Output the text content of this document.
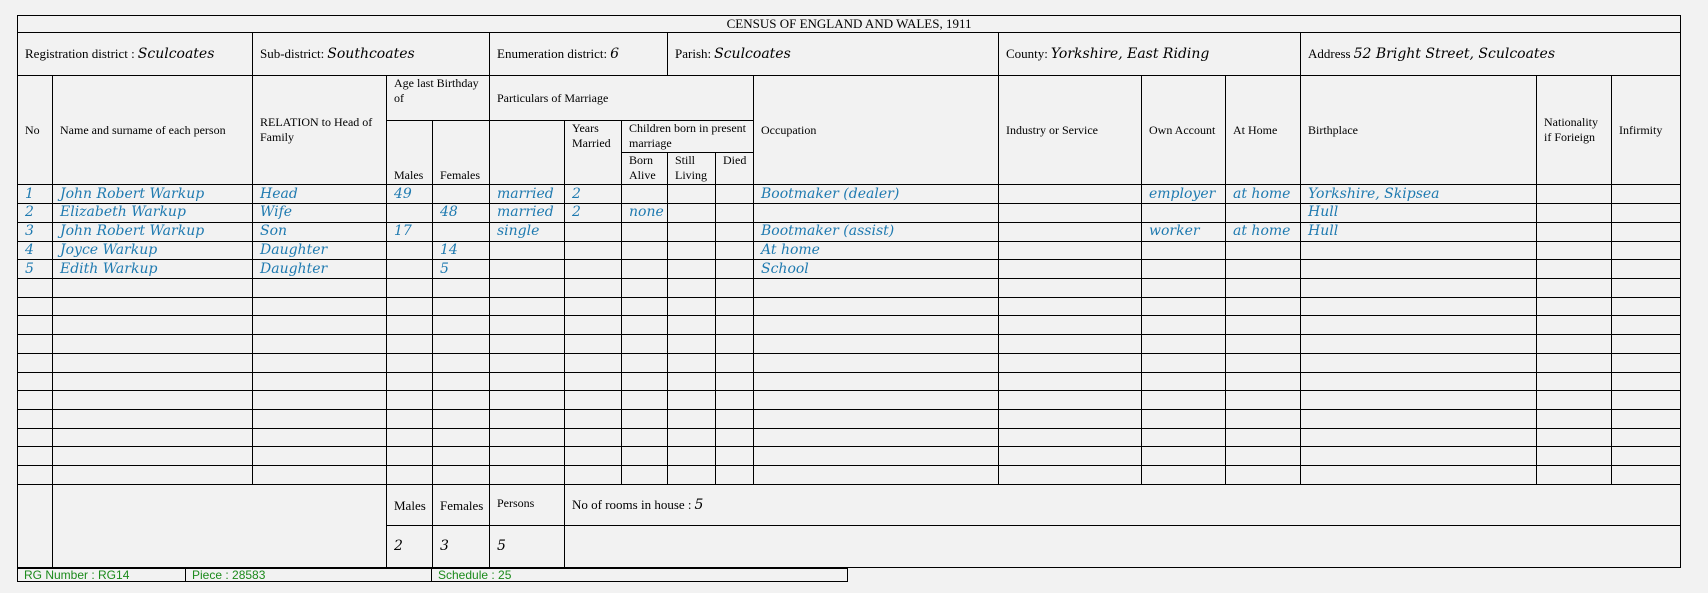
CENSUS OF ENGLAND AND WALES, 1911																
Registration district : Sculcoates		Sub-district: Southcoates			Enumeration district: 6			Parish: Sculcoates			County: Yorkshire, East Riding			Address 52 Bright Street, Sculcoates		
No	Name and surname of each person	RELATION to Head of Family	Age last Birthday of		Particulars of Marriage					Occupation	Industry or Service	Own Account	At Home	Birthplace	Nationality if Forieign	Infirmity
			Males	Females		Years Married	Children born in present marriage									
							Born Alive	Still Living	Died							
1	John Robert Warkup	Head	49		married	2				Bootmaker (dealer)		employer	at home	Yorkshire, Skipsea		
2	Elizabeth Warkup	Wife		48	married	2	none							Hull		
3	John Robert Warkup	Son	17		single					Bootmaker (assist)		worker	at home	Hull		
4	Joyce Warkup	Daughter		14						At home						
5	Edith Warkup	Daughter		5						School						

			Males	Females	Persons	No of rooms in house : 5										
			2	3	5											
RG Number : RG14	Piece : 28583	Schedule : 25
